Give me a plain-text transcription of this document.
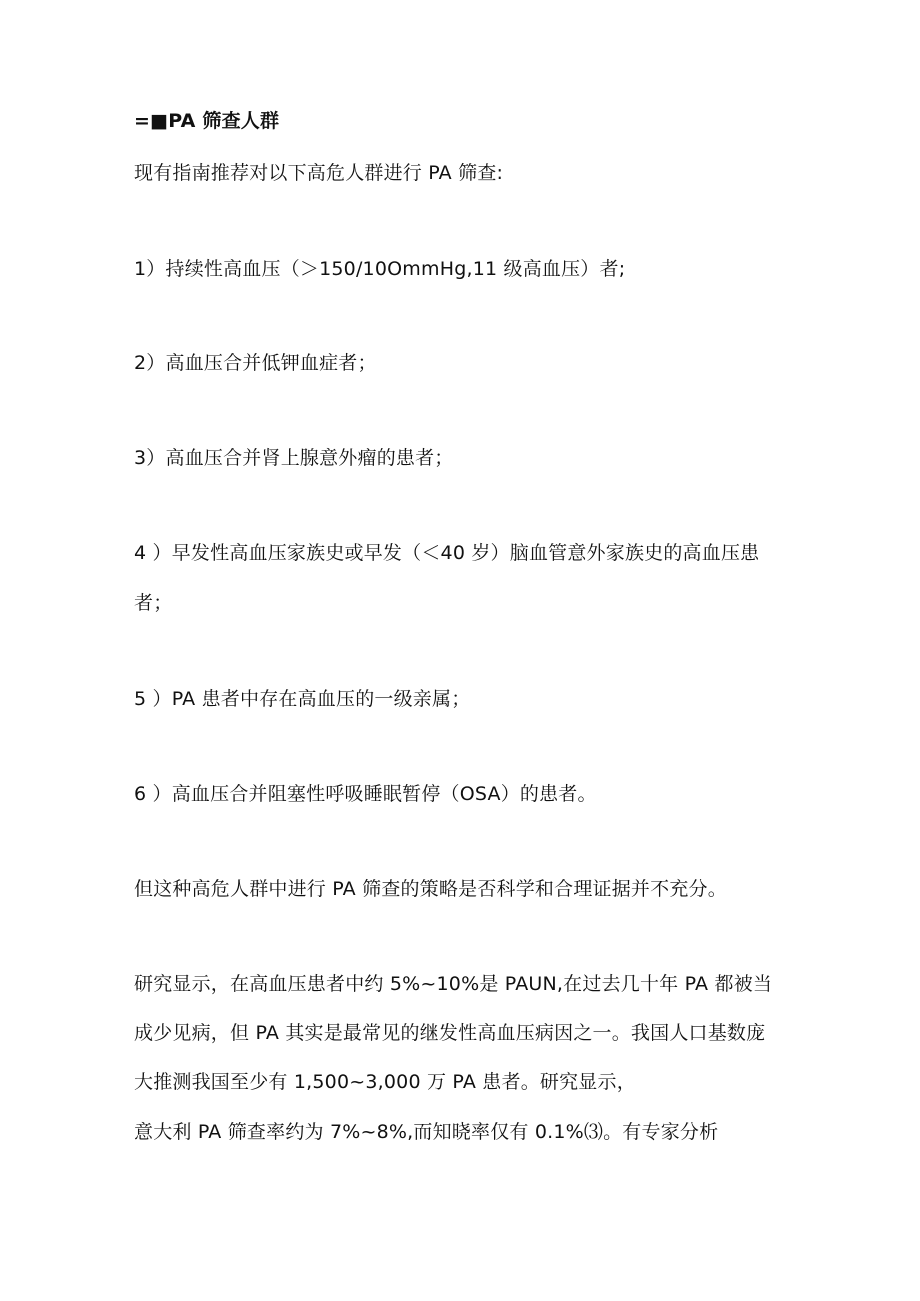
=■PA 筛查人群
现有指南推荐对以下高危人群进行 PA 筛查:
1）持续性高血压（＞150/10OmmHg,11 级高血压）者;
2）高血压合并低钾血症者；
3）高血压合并肾上腺意外瘤的患者；
4 ）早发性高血压家族史或早发（＜40 岁）脑血管意外家族史的高血压患
者；
5 ）PA 患者中存在高血压的一级亲属；
6 ）高血压合并阻塞性呼吸睡眠暂停（OSA）的患者。
但这种高危人群中进行 PA 筛查的策略是否科学和合理证据并不充分。
研究显示，在高血压患者中约 5%~10%是 PAUN,在过去几十年 PA 都被当
成少见病，但 PA 其实是最常见的继发性高血压病因之一。我国人口基数庞
大推测我国至少有 1,500~3,000 万 PA 患者。研究显示，
意大利 PA 筛查率约为 7%~8%,而知晓率仅有 0.1%⑶。有专家分析
